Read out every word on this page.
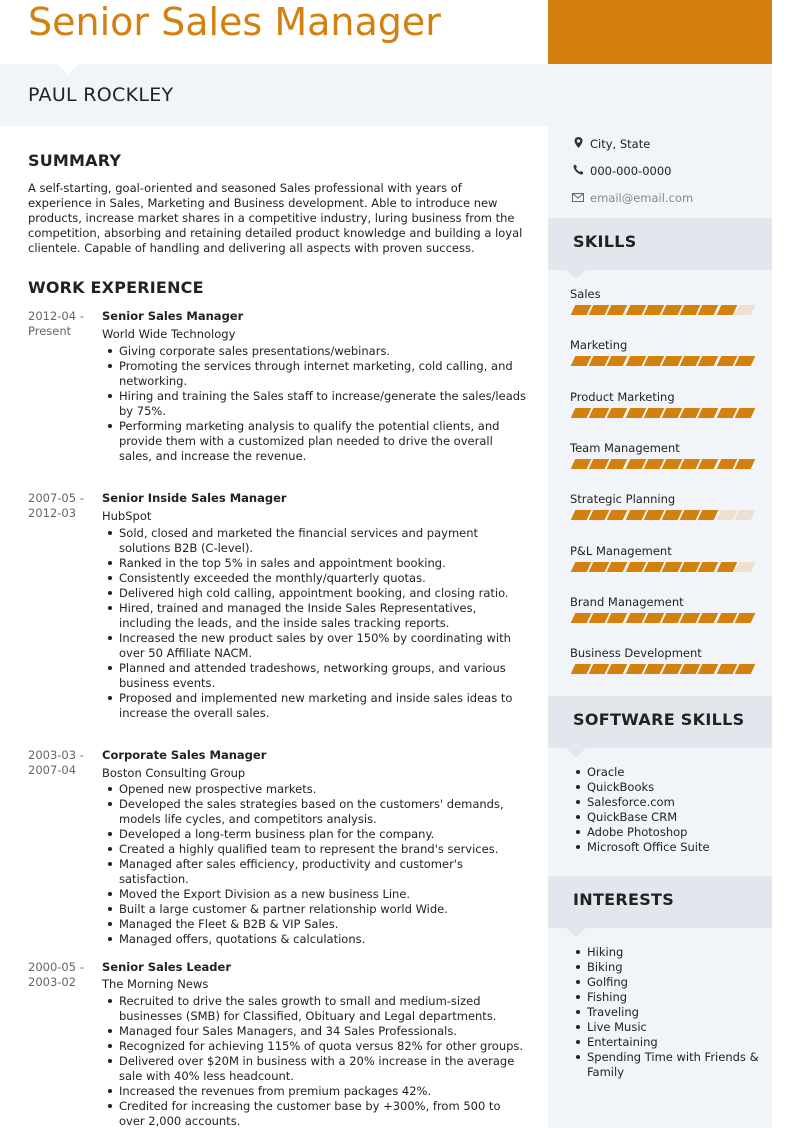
Senior Sales Manager
PAUL ROCKLEY
City, State
000-000-0000
email@email.com
SKILLS
Sales
Marketing
Product Marketing
Team Management
Strategic Planning
P&L Management
Brand Management
Business Development
SOFTWARE SKILLS
Oracle
QuickBooks
Salesforce.com
QuickBase CRM
Adobe Photoshop
Microsoft Office Suite
INTERESTS
Hiking
Biking
Golfing
Fishing
Traveling
Live Music
Entertaining
Spending Time with Friends & Family
SUMMARY

A self-starting, goal-oriented and seasoned Sales professional with years of experience in Sales, Marketing and Business development. Able to introduce new products, increase market shares in a competitive industry, luring business from the competition, absorbing and retaining detailed product knowledge and building a loyal clientele. Capable of handling and delivering all aspects with proven success.

WORK EXPERIENCE
2012-04 - Present
Senior Sales Manager
World Wide Technology
Giving corporate sales presentations/webinars.
Promoting the services through internet marketing, cold calling, and networking.
Hiring and training the Sales staff to increase/generate the sales/leads by 75%.
Performing marketing analysis to qualify the potential clients, and provide them with a customized plan needed to drive the overall sales, and increase the revenue.
2007-05 - 2012-03
Senior Inside Sales Manager
HubSpot
Sold, closed and marketed the financial services and payment solutions B2B (C-level).
Ranked in the top 5% in sales and appointment booking.
Consistently exceeded the monthly/quarterly quotas.
Delivered high cold calling, appointment booking, and closing ratio.
Hired, trained and managed the Inside Sales Representatives, including the leads, and the inside sales tracking reports.
Increased the new product sales by over 150% by coordinating with over 50 Affiliate NACM.
Planned and attended tradeshows, networking groups, and various business events.
Proposed and implemented new marketing and inside sales ideas to increase the overall sales.
2003-03 - 2007-04
Corporate Sales Manager
Boston Consulting Group
Opened new prospective markets.
Developed the sales strategies based on the customers' demands, models life cycles, and competitors analysis.
Developed a long-term business plan for the company.
Created a highly qualified team to represent the brand's services.
Managed after sales efficiency, productivity and customer's satisfaction.
Moved the Export Division as a new business Line.
Built a large customer & partner relationship world Wide.
Managed the Fleet & B2B & VIP Sales.
Managed offers, quotations & calculations.
2000-05 - 2003-02
Senior Sales Leader
The Morning News
Recruited to drive the sales growth to small and medium-sized businesses (SMB) for Classified, Obituary and Legal departments.
Managed four Sales Managers, and 34 Sales Professionals.
Recognized for achieving 115% of quota versus 82% for other groups.
Delivered over $20M in business with a 20% increase in the average sale with 40% less headcount.
Increased the revenues from premium packages 42%.
Credited for increasing the customer base by +300%, from 500 to over 2,000 accounts.
